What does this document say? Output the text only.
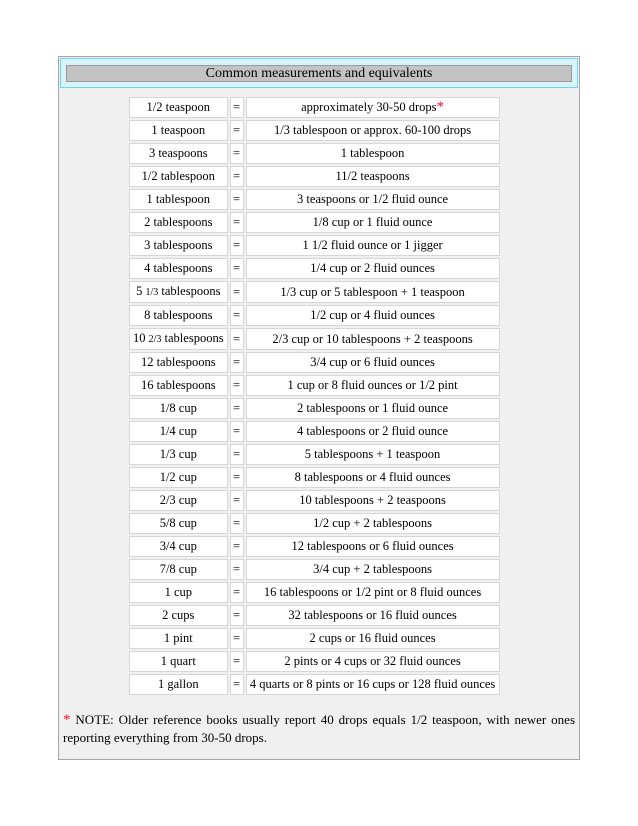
Common measurements and equivalents
1/2 teaspoon	=	approximately 30-50 drops*
1 teaspoon	=	1/3 tablespoon or approx. 60-100 drops
3 teaspoons	=	1 tablespoon
1/2 tablespoon	=	11/2 teaspoons
1 tablespoon	=	3 teaspoons or 1/2 fluid ounce
2 tablespoons	=	1/8 cup or 1 fluid ounce
3 tablespoons	=	1 1/2 fluid ounce or 1 jigger
4 tablespoons	=	1/4 cup or 2 fluid ounces
5 1/3 tablespoons	=	1/3 cup or 5 tablespoon + 1 teaspoon
8 tablespoons	=	1/2 cup or 4 fluid ounces
10 2/3 tablespoons	=	2/3 cup or 10 tablespoons + 2 teaspoons
12 tablespoons	=	3/4 cup or 6 fluid ounces
16 tablespoons	=	1 cup or 8 fluid ounces or 1/2 pint
1/8 cup	=	2 tablespoons or 1 fluid ounce
1/4 cup	=	4 tablespoons or 2 fluid ounce
1/3 cup	=	5 tablespoons + 1 teaspoon
1/2 cup	=	8 tablespoons or 4 fluid ounces
2/3 cup	=	10 tablespoons + 2 teaspoons
5/8 cup	=	1/2 cup + 2 tablespoons
3/4 cup	=	12 tablespoons or 6 fluid ounces
7/8 cup	=	3/4 cup + 2 tablespoons
1 cup	=	16 tablespoons or 1/2 pint or 8 fluid ounces
2 cups	=	32 tablespoons or 16 fluid ounces
1 pint	=	2 cups or 16 fluid ounces
1 quart	=	2 pints or 4 cups or 32 fluid ounces
1 gallon	=	4 quarts or 8 pints or 16 cups or 128 fluid ounces
* NOTE: Older reference books usually report 40 drops equals 1/2 teaspoon, with newer ones reporting everything from 30-50 drops.
